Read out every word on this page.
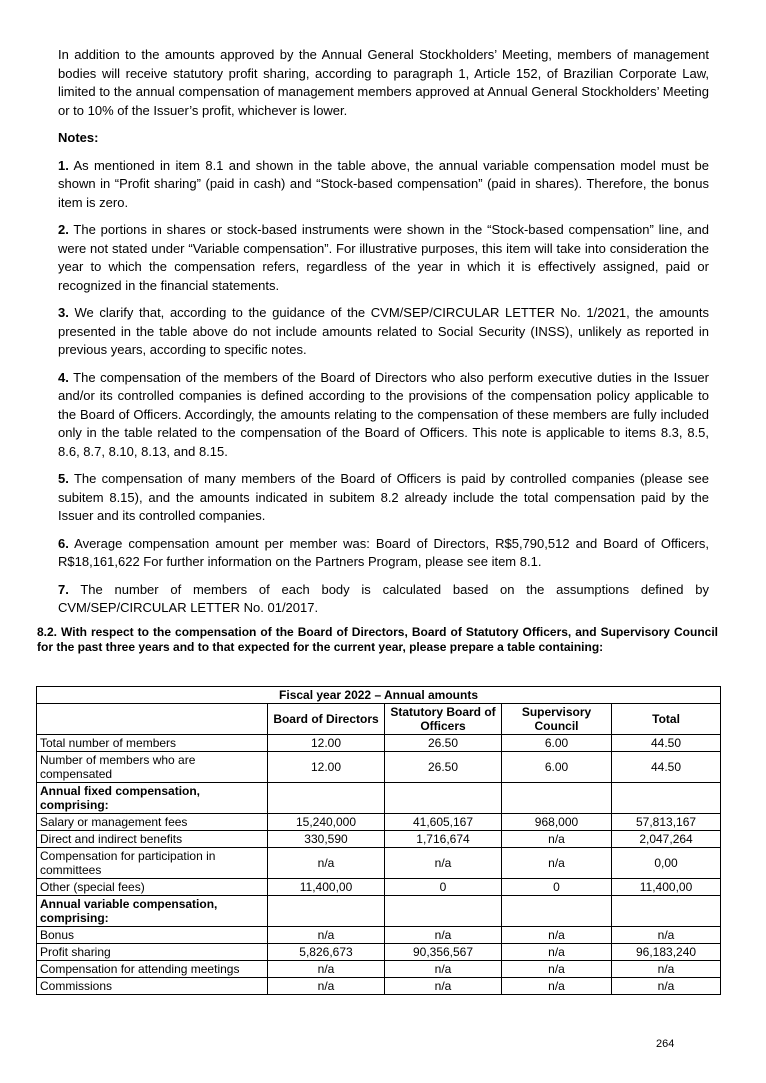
In addition to the amounts approved by the Annual General Stockholders’ Meeting, members of management bodies will receive statutory profit sharing, according to paragraph 1, Article 152, of Brazilian Corporate Law, limited to the annual compensation of management members approved at Annual General Stockholders’ Meeting or to 10% of the Issuer’s profit, whichever is lower.

Notes:

1. As mentioned in item 8.1 and shown in the table above, the annual variable compensation model must be shown in “Profit sharing” (paid in cash) and “Stock-based compensation” (paid in shares). Therefore, the bonus item is zero.

2. The portions in shares or stock-based instruments were shown in the “Stock-based compensation” line, and were not stated under “Variable compensation”. For illustrative purposes, this item will take into consideration the year to which the compensation refers, regardless of the year in which it is effectively assigned, paid or recognized in the financial statements.

3. We clarify that, according to the guidance of the CVM/SEP/CIRCULAR LETTER No. 1/2021, the amounts presented in the table above do not include amounts related to Social Security (INSS), unlikely as reported in previous years, according to specific notes.

4. The compensation of the members of the Board of Directors who also perform executive duties in the Issuer and/or its controlled companies is defined according to the provisions of the compensation policy applicable to the Board of Officers. Accordingly, the amounts relating to the compensation of these members are fully included only in the table related to the compensation of the Board of Officers. This note is applicable to items 8.3, 8.5, 8.6, 8.7, 8.10, 8.13, and 8.15.

5. The compensation of many members of the Board of Officers is paid by controlled companies (please see subitem 8.15), and the amounts indicated in subitem 8.2 already include the total compensation paid by the Issuer and its controlled companies.

6. Average compensation amount per member was: Board of Directors, R$5,790,512 and Board of Officers, R$18,161,622 For further information on the Partners Program, please see item 8.1.

7. The number of members of each body is calculated based on the assumptions defined by CVM/SEP/CIRCULAR LETTER No. 01/2017.

8.2. With respect to the compensation of the Board of Directors, Board of Statutory Officers, and Supervisory Council for the past three years and to that expected for the current year, please prepare a table containing:
Fiscal year 2022 – Annual amounts				
	Board of Directors	Statutory Board of Officers	Supervisory Council	Total
Total number of members	12.00	26.50	6.00	44.50
Number of members who are compensated	12.00	26.50	6.00	44.50
Annual fixed compensation, comprising:				
Salary or management fees	15,240,000	41,605,167	968,000	57,813,167
Direct and indirect benefits	330,590	1,716,674	n/a	2,047,264
Compensation for participation in committees	n/a	n/a	n/a	0,00
Other (special fees)	11,400,00	0	0	11,400,00
Annual variable compensation, comprising:				
Bonus	n/a	n/a	n/a	n/a
Profit sharing	5,826,673	90,356,567	n/a	96,183,240
Compensation for attending meetings	n/a	n/a	n/a	n/a
Commissions	n/a	n/a	n/a	n/a
264
